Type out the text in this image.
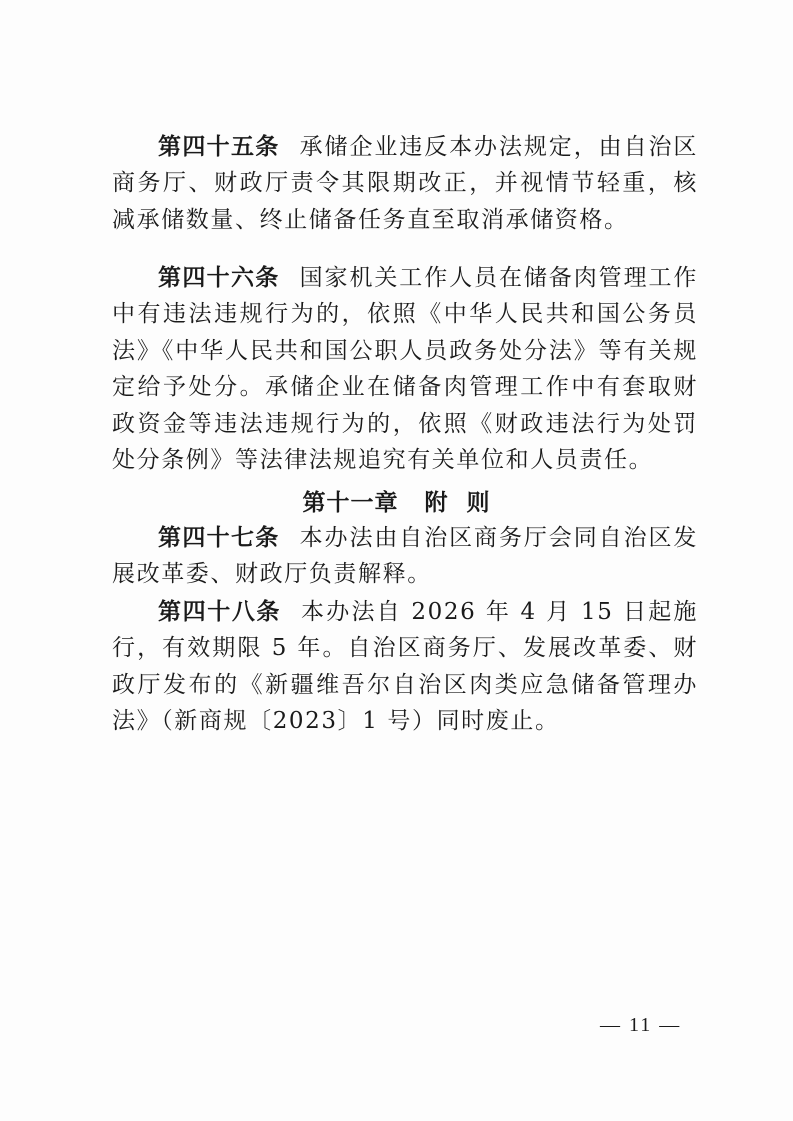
第四十五条 承储企业违反本办法规定，由自治区商务厅、财政厅责令其限期改正，并视情节轻重，核减承储数量、终止储备任务直至取消承储资格。

第四十六条 国家机关工作人员在储备肉管理工作中有违法违规行为的，依照《中华人民共和国公务员法》《中华人民共和国公职人员政务处分法》等有关规定给予处分。承储企业在储备肉管理工作中有套取财政资金等违法违规行为的，依照《财政违法行为处罚处分条例》等法律法规追究有关单位和人员责任。

第十一章 附  则

第四十七条 本办法由自治区商务厅会同自治区发展改革委、财政厅负责解释。

第四十八条 本办法自 2026 年 4 月 15 日起施行，有效期限 5 年。自治区商务厅、发展改革委、财政厅发布的《新疆维吾尔自治区肉类应急储备管理办法》（新商规〔2023〕1 号）同时废止。

— 11 —
